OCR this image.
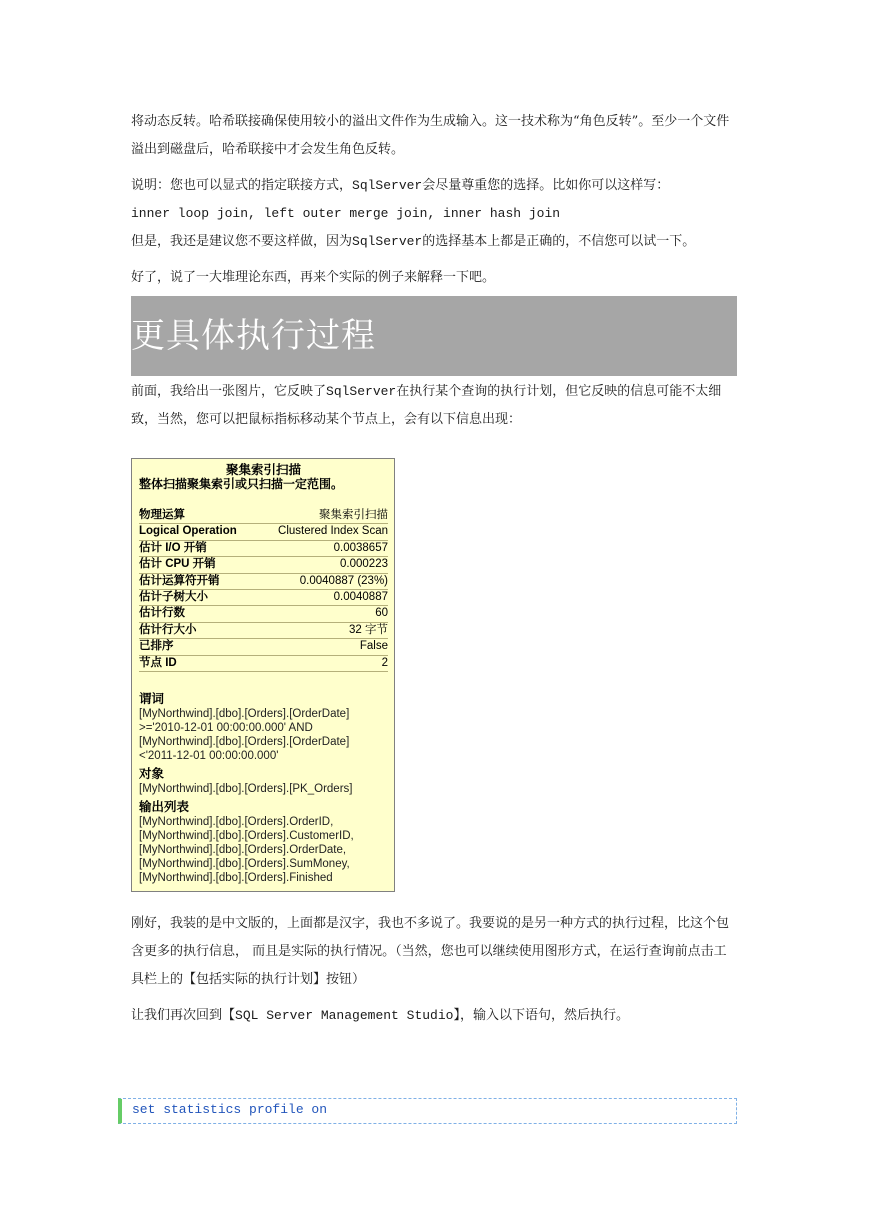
将动态反转。哈希联接确保使用较小的溢出文件作为生成输入。这一技术称为“角色反转”。至少一个文件溢出到磁盘后，哈希联接中才会发生角色反转。

说明：您也可以显式的指定联接方式，SqlServer会尽量尊重您的选择。比如你可以这样写：

inner loop join, left outer merge join, inner hash join

但是，我还是建议您不要这样做，因为SqlServer的选择基本上都是正确的，不信您可以试一下。

好了，说了一大堆理论东西，再来个实际的例子来解释一下吧。

更具体执行过程

前面，我给出一张图片，它反映了SqlServer在执行某个查询的执行计划，但它反映的信息可能不太细致，当然，您可以把鼠标指标移动某个节点上，会有以下信息出现：

聚集索引扫描
整体扫描聚集索引或只扫描一定范围。
物理运算	聚集索引扫描
Logical Operation	Clustered Index Scan
估计 I/O 开销	0.0038657
估计 CPU 开销	0.000223
估计运算符开销	0.0040887 (23%)
估计子树大小	0.0040887
估计行数	60
估计行大小	32 字节
已排序	False
节点 ID	2
谓词
[MyNorthwind].[dbo].[Orders].[OrderDate]
>='2010-12-01 00:00:00.000' AND
[MyNorthwind].[dbo].[Orders].[OrderDate]
<'2011-12-01 00:00:00.000'
对象
[MyNorthwind].[dbo].[Orders].[PK_Orders]
输出列表
[MyNorthwind].[dbo].[Orders].OrderID,
[MyNorthwind].[dbo].[Orders].CustomerID,
[MyNorthwind].[dbo].[Orders].OrderDate,
[MyNorthwind].[dbo].[Orders].SumMoney,
[MyNorthwind].[dbo].[Orders].Finished

刚好，我装的是中文版的，上面都是汉字，我也不多说了。我要说的是另一种方式的执行过程，比这个包含更多的执行信息， 而且是实际的执行情况。（当然，您也可以继续使用图形方式，在运行查询前点击工具栏上的【包括实际的执行计划】按钮）

让我们再次回到【SQL Server Management Studio】，输入以下语句，然后执行。

set statistics profile on
